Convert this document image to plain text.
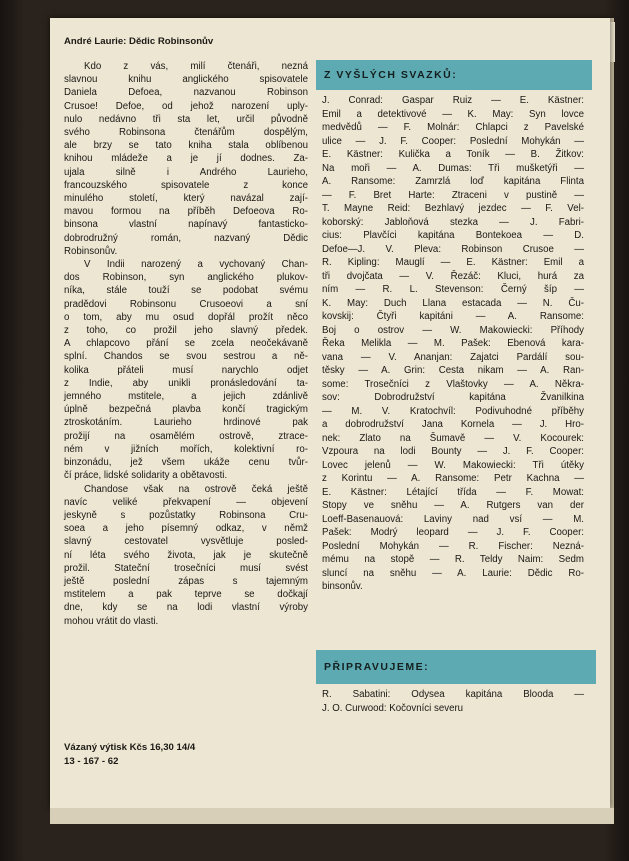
André Laurie: Dědic Robinsonův

Kdo z vás, milí čtenáři, nezná
slavnou knihu anglického spisovatele
Daniela Defoea, nazvanou Robinson
Crusoe! Defoe, od jehož narození uply-
nulo nedávno tři sta let, určil původně
svého Robinsona čtenářům dospělým,
ale brzy se tato kniha stala oblíbenou
knihou mládeže a je jí dodnes. Za-
ujala silně i Andrého Laurieho,
francouzského spisovatele z konce
minulého století, který navázal zají-
mavou formou na příběh Defoeova Ro-
binsona vlastní napínavý fantasticko-
dobrodružný román, nazvaný Dědic
Robinsonův.

V Indii narozený a vychovaný Chan-
dos Robinson, syn anglického plukov-
níka, stále touží se podobat svému
pradědovi Robinsonu Crusoeovi a sní
o tom, aby mu osud dopřál prožít něco
z toho, co prožil jeho slavný předek.
A chlapcovo přání se zcela neočekávaně
splní. Chandos se svou sestrou a ně-
kolika přáteli musí narychlo odjet
z Indie, aby unikli pronásledování ta-
jemného mstitele, a jejich zdánlivě
úplně bezpečná plavba končí tragickým
ztroskotáním. Laurieho hrdinové pak
prožijí na osamělém ostrově, ztrace-
ném v jižních mořích, kolektivní ro-
binzonádu, jež všem ukáže cenu tvůr-
čí práce, lidské solidarity a obětavosti.

Chandose však na ostrově čeká ještě
navíc veliké překvapení — objevení
jeskyně s pozůstatky Robinsona Cru-
soea a jeho písemný odkaz, v němž
slavný cestovatel vysvětluje posled-
ní léta svého života, jak je skutečně
prožil. Stateční trosečníci musí svést
ještě poslední zápas s tajemným
mstitelem a pak teprve se dočkají
dne, kdy se na lodi vlastní výroby
mohou vrátit do vlasti.

Vázaný výtisk Kčs 16,30 14/4
13 - 167 - 62
Z VYŠLÝCH SVAZKŮ:
J. Conrad: Gaspar Ruiz — E. Kästner:
Emil a detektivové — K. May: Syn lovce
medvědů — F. Molnár: Chlapci z Pavelské
ulice — J. F. Cooper: Poslední Mohykán —
E. Kästner: Kulička a Toník — B. Žitkov:
Na moři — A. Dumas: Tři mušketýři —
A. Ransome: Zamrzlá loď kapitána Flinta
— F. Bret Harte: Ztraceni v pustině —
T. Mayne Reid: Bezhlavý jezdec — F. Vel-
koborský: Jabloňová stezka — J. Fabri-
cius: Plavčíci kapitána Bontekoea — D.
Defoe—J. V. Pleva: Robinson Crusoe —
R. Kipling: Mauglí — E. Kästner: Emil a
tři dvojčata — V. Řezáč: Kluci, hurá za
ním — R. L. Stevenson: Černý šíp —
K. May: Duch Llana estacada — N. Ču-
kovskij: Čtyři kapitáni — A. Ransome:
Boj o ostrov — W. Makowiecki: Příhody
Řeka Melikla — M. Pašek: Ebenová kara-
vana — V. Ananjan: Zajatci Pardálí sou-
těsky — A. Grin: Cesta nikam — A. Ran-
some: Trosečníci z Vlaštovky — A. Někra-
sov: Dobrodružství kapitána Žvanilkina
— M. V. Kratochvíl: Podivuhodné příběhy
a dobrodružství Jana Kornela — J. Hro-
nek: Zlato na Šumavě — V. Kocourek:
Vzpoura na lodi Bounty — J. F. Cooper:
Lovec jelenů — W. Makowiecki: Tři útěky
z Korintu — A. Ransome: Petr Kachna —
E. Kästner: Létající třída — F. Mowat:
Stopy ve sněhu — A. Rutgers van der
Loeff-Basenauová: Laviny nad vsí — M.
Pašek: Modrý leopard — J. F. Cooper:
Poslední Mohykán — R. Fischer: Nezná-
mému na stopě — R. Teldy Naim: Sedm
sluncí na sněhu — A. Laurie: Dědic Ro-
binsonův.
PŘIPRAVUJEME:
R. Sabatini: Odysea kapitána Blooda —
J. O. Curwood: Kočovníci severu
